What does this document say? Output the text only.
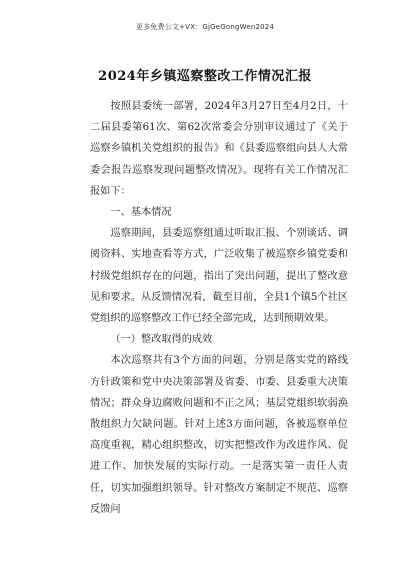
更多免费公文+VX：GjGeGongWen2024
2024年乡镇巡察整改工作情况汇报

按照县委统一部署，2024年3月27日至4月2日，十二届县委第61次、第62次常委会分别审议通过了《关于巡察乡镇机关党组织的报告》和《县委巡察组向县人大常委会报告巡察发现问题整改情况》。现将有关工作情况汇报如下：

一、基本情况

巡察期间，县委巡察组通过听取汇报、个别谈话、调阅资料、实地查看等方式，广泛收集了被巡察乡镇党委和村级党组织存在的问题，指出了突出问题，提出了整改意见和要求。从反馈情况看，截至目前，全县1个镇5个社区党组织的巡察整改工作已经全部完成，达到预期效果。

（一）整改取得的成效

本次巡察共有3个方面的问题，分别是落实党的路线方针政策和党中央决策部署及省委、市委、县委重大决策情况；群众身边腐败问题和不正之风；基层党组织软弱涣散组织力欠缺问题。针对上述3方面问题，各被巡察单位高度重视，精心组织整改，切实把整改作为改进作风、促进工作、加快发展的实际行动。一是落实第一责任人责任，切实加强组织领导。针对整改方案制定不规范、巡察反馈问
